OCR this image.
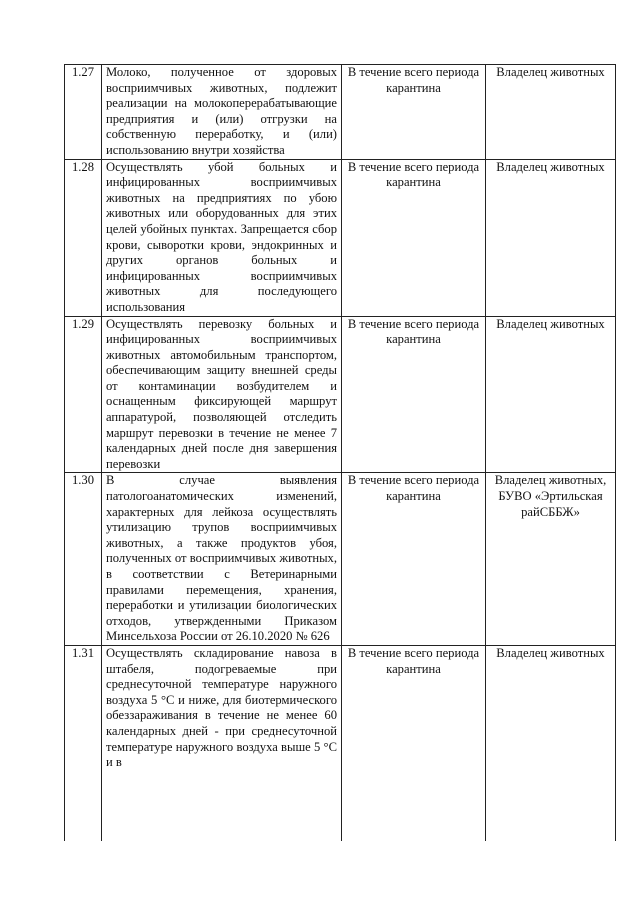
1.27	Молоко, полученное от здоровых восприимчивых животных, подлежит реализации на молокоперерабатывающие предприятия и (или) отгрузки на собственную переработку, и (или) использованию внутри хозяйства	В течение всего периода карантина	Владелец животных
1.28	Осуществлять убой больных и инфицированных восприимчивых животных на предприятиях по убою животных или оборудованных для этих целей убойных пунктах. Запрещается сбор крови, сыворотки крови, эндокринных и других органов больных и инфицированных восприимчивых животных для последующего использования	В течение всего периода карантина	Владелец животных
1.29	Осуществлять перевозку больных и инфицированных восприимчивых животных автомобильным транспортом, обеспечивающим защиту внешней среды от контаминации возбудителем и оснащенным фиксирующей маршрут аппаратурой, позволяющей отследить маршрут перевозки в течение не менее 7 календарных дней после дня завершения перевозки	В течение всего периода карантина	Владелец животных
1.30	В случае выявления патологоанатомических изменений, характерных для лейкоза осуществлять утилизацию трупов восприимчивых животных, а также продуктов убоя, полученных от восприимчивых животных, в соответствии с Ветеринарными правилами перемещения, хранения, переработки и утилизации биологических отходов, утвержденными Приказом Минсельхоза России от 26.10.2020 № 626	В течение всего периода карантина	Владелец животных, БУВО «Эртильская райСББЖ»
1.31	Осуществлять складирование навоза в штабеля, подогреваемые при среднесуточной температуре наружного воздуха 5 °С и ниже, для биотермического обеззараживания в течение не менее 60 календарных дней - при среднесуточной температуре наружного воздуха выше 5 °С и в	В течение всего периода карантина	Владелец животных
